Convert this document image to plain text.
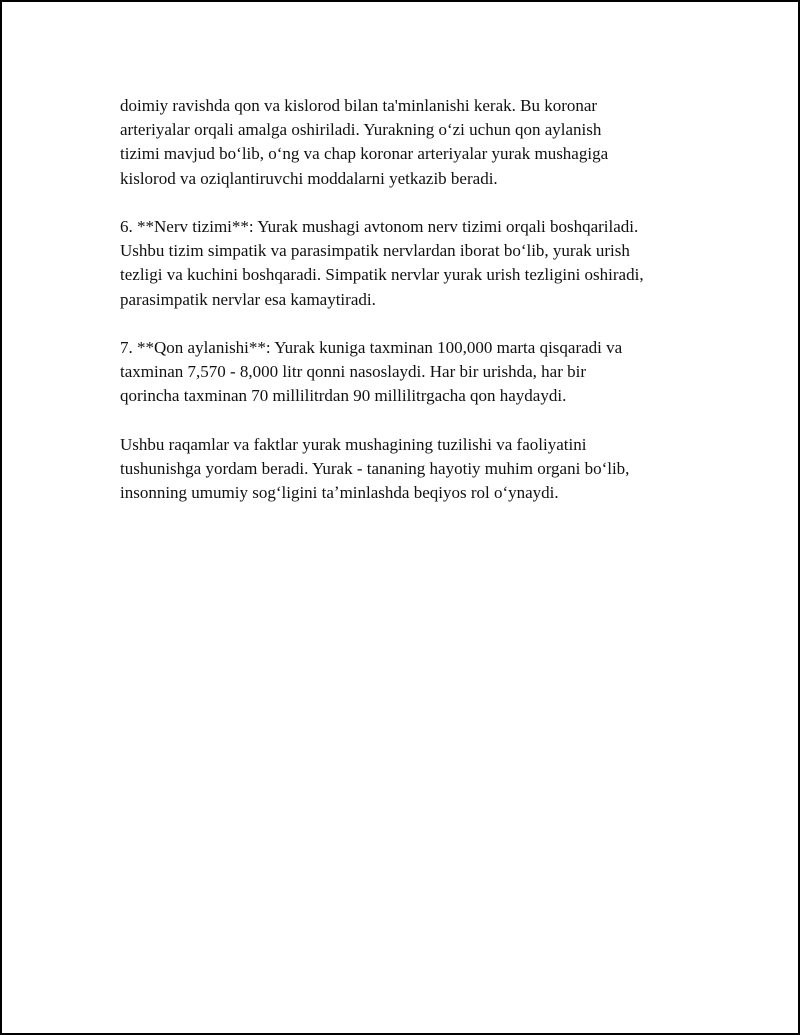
doimiy ravishda qon va kislorod bilan ta'minlanishi kerak. Bu koronar
arteriyalar orqali amalga oshiriladi. Yurakning oʻzi uchun qon aylanish
tizimi mavjud boʻlib, oʻng va chap koronar arteriyalar yurak mushagiga
kislorod va oziqlantiruvchi moddalarni yetkazib beradi.

6. **Nerv tizimi**: Yurak mushagi avtonom nerv tizimi orqali boshqariladi.
Ushbu tizim simpatik va parasimpatik nervlardan iborat boʻlib, yurak urish
tezligi va kuchini boshqaradi. Simpatik nervlar yurak urish tezligini oshiradi,
parasimpatik nervlar esa kamaytiradi.

7. **Qon aylanishi**: Yurak kuniga taxminan 100,000 marta qisqaradi va
taxminan 7,570 - 8,000 litr qonni nasoslaydi. Har bir urishda, har bir
qorincha taxminan 70 millilitrdan 90 millilitrgacha qon haydaydi.

Ushbu raqamlar va faktlar yurak mushagining tuzilishi va faoliyatini
tushunishga yordam beradi. Yurak - tananing hayotiy muhim organi boʻlib,
insonning umumiy sogʻligini taʼminlashda beqiyos rol oʻynaydi.
